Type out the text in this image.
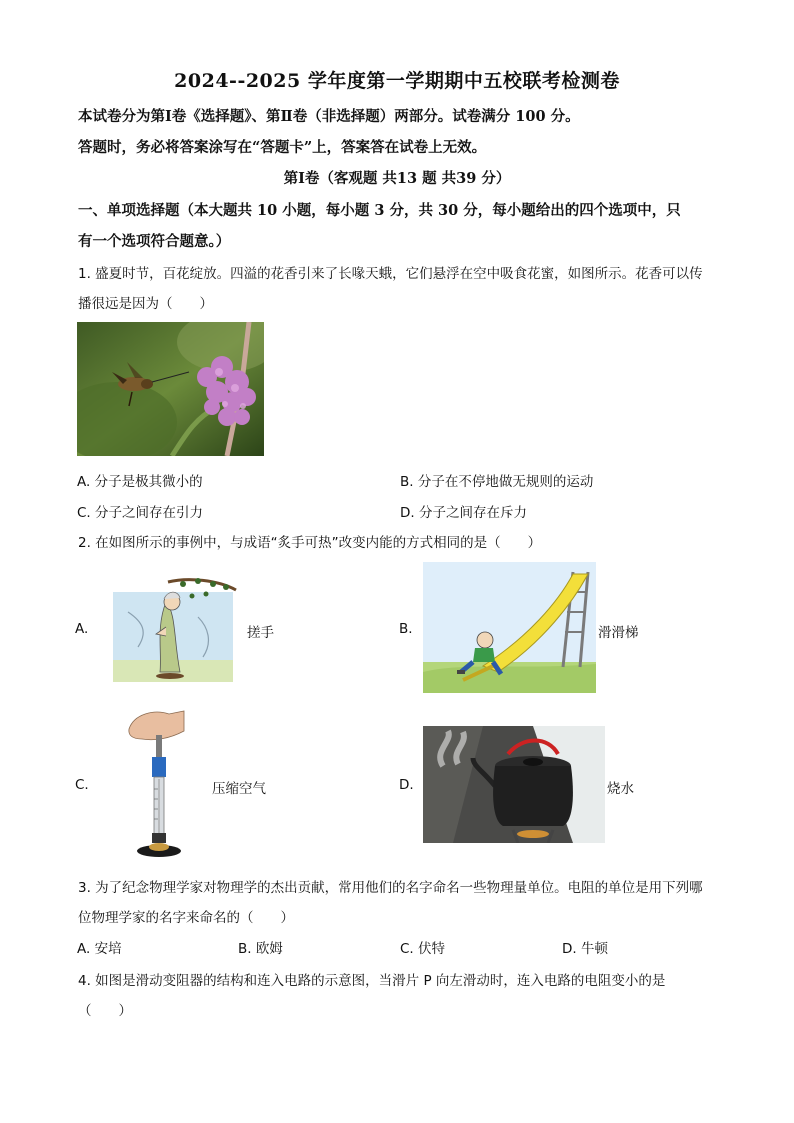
2024--2025 学年度第一学期期中五校联考检测卷
本试卷分为第Ⅰ卷《选择题》、第Ⅱ卷（非选择题）两部分。试卷满分 100 分。
答题时，务必将答案涂写在“答题卡”上，答案答在试卷上无效。
第Ⅰ卷（客观题 共13 题 共39 分）
一、单项选择题（本大题共 10 小题，每小题 3 分，共 30 分，每小题给出的四个选项中，只
有一个选项符合题意。）
1. 盛夏时节，百花绽放。四溢的花香引来了长喙天蛾，它们悬浮在空中吸食花蜜，如图所示。花香可以传
播很远是因为（　　）
A. 分子是极其微小的	B. 分子在不停地做无规则的运动
C. 分子之间存在引力	D. 分子之间存在斥力
2. 在如图所示的事例中，与成语“炙手可热”改变内能的方式相同的是（　　）
A.	搓手	B.	滑滑梯
C.	压缩空气	D.	烧水
3. 为了纪念物理学家对物理学的杰出贡献，常用他们的名字命名一些物理量单位。电阻的单位是用下列哪
位物理学家的名字来命名的（　　）
A. 安培	B. 欧姆	C. 伏特	D. 牛顿
4. 如图是滑动变阻器的结构和连入电路的示意图，当滑片 P 向左滑动时，连入电路的电阻变小的是
（　　）
